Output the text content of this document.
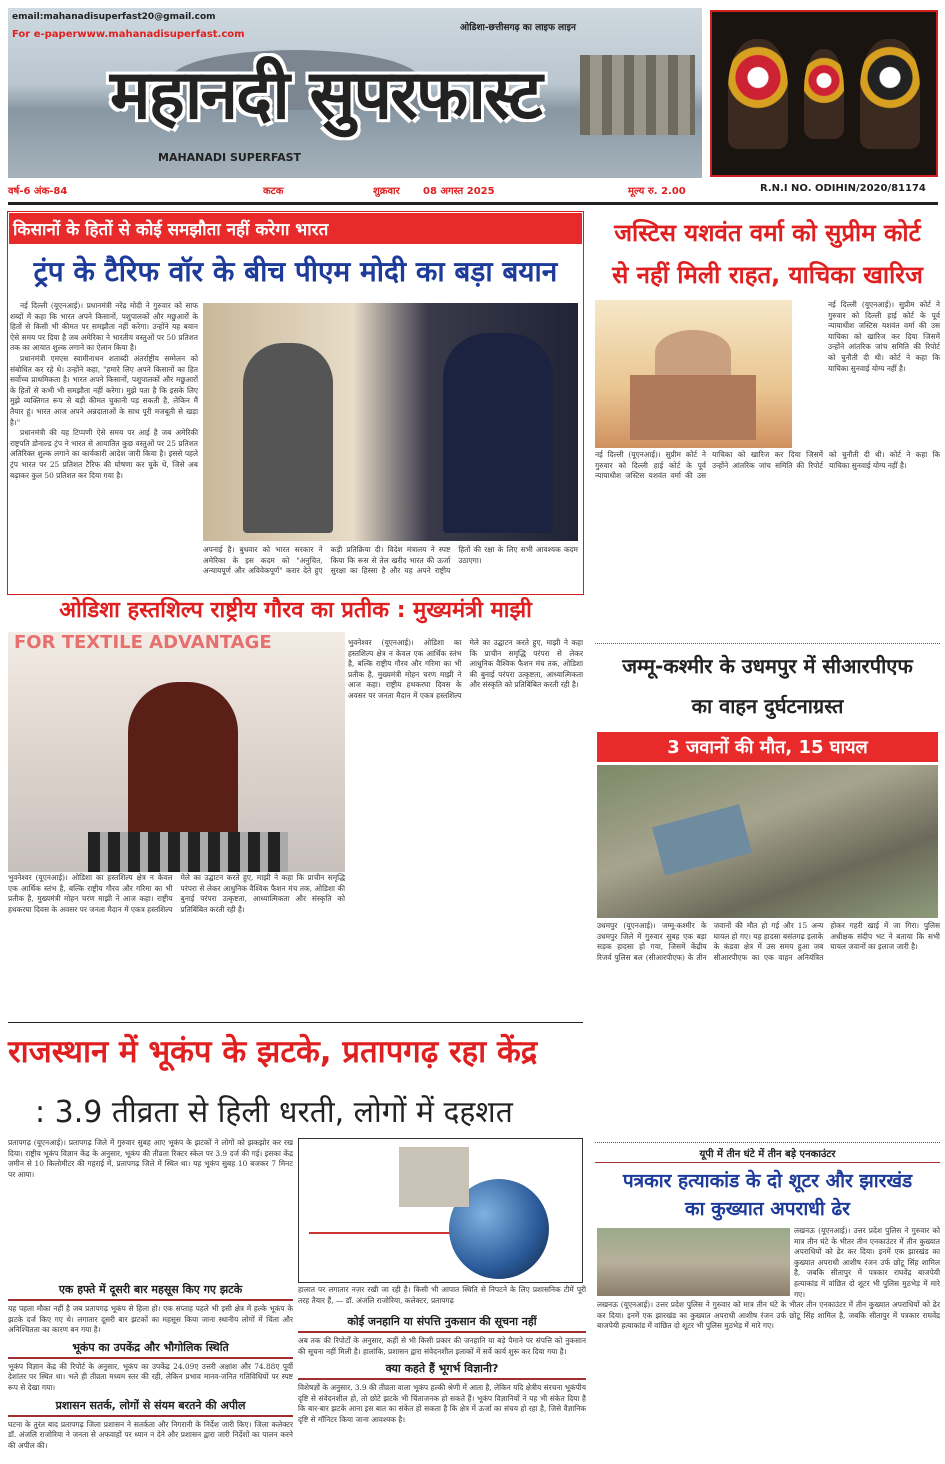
email:mahanadisuperfast20@gmail.com
For e-paperwww.mahanadisuperfast.com
ओडिशा-छत्तीसगढ़ का लाइफ लाइन
महानदी सुपरफास्ट
MAHANADI SUPERFAST
वर्ष-6 अंक-84	कटक	शुक्रवार 08 अगस्त 2025	मूल्य रु. 2.00	R.N.I NO. ODIHIN/2020/81174
किसानों के हितों से कोई समझौता नहीं करेगा भारत
ट्रंप के टैरिफ वॉर के बीच पीएम मोदी का बड़ा बयान

नई दिल्ली (यूएनआई)। प्रधानमंत्री नरेंद्र मोदी ने गुरुवार को साफ शब्दों में कहा कि भारत अपने किसानों, पशुपालकों और मछुआरों के हितों से किसी भी कीमत पर समझौता नहीं करेगा। उन्होंने यह बयान ऐसे समय पर दिया है जब अमेरिका ने भारतीय वस्तुओं पर 50 प्रतिशत तक का आयात शुल्क लगाने का ऐलान किया है।

प्रधानमंत्री एमएस स्वामीनाथन शताब्दी अंतर्राष्ट्रीय सम्मेलन को संबोधित कर रहे थे। उन्होंने कहा, "हमारे लिए अपने किसानों का हित सर्वोच्च प्राथमिकता है। भारत अपने किसानों, पशुपालकों और मछुआरों के हितों से कभी भी समझौता नहीं करेगा। मुझे पता है कि इसके लिए मुझे व्यक्तिगत रूप से बड़ी कीमत चुकानी पड़ सकती है, लेकिन मैं तैयार हूं। भारत आज अपने अन्नदाताओं के साथ पूरी मजबूती से खड़ा है।"

प्रधानमंत्री की यह टिप्पणी ऐसे समय पर आई है जब अमेरिकी राष्ट्रपति डोनाल्ड ट्रंप ने भारत से आयातित कुछ वस्तुओं पर 25 प्रतिशत अतिरिक्त शुल्क लगाने का कार्यकारी आदेश जारी किया है। इससे पहले ट्रंप भारत पर 25 प्रतिशत टैरिफ की घोषणा कर चुके थे, जिसे अब बढ़ाकर कुल 50 प्रतिशत कर दिया गया है।

अपनाई है। बुधवार को भारत सरकार ने अमेरिका के इस कदम को "अनुचित, अन्यायपूर्ण और अविवेकपूर्ण" करार देते हुए कड़ी प्रतिक्रिया दी। विदेश मंत्रालय ने स्पष्ट किया कि रूस से तेल खरीद भारत की ऊर्जा सुरक्षा का हिस्सा है और यह अपने राष्ट्रीय हितों की रक्षा के लिए सभी आवश्यक कदम उठाएगा।
जस्टिस यशवंत वर्मा को सुप्रीम कोर्ट
से नहीं मिली राहत, याचिका खारिज
नई दिल्ली (यूएनआई)। सुप्रीम कोर्ट ने गुरुवार को दिल्ली हाई कोर्ट के पूर्व न्यायाधीश जस्टिस यशवंत वर्मा की उस याचिका को खारिज कर दिया जिसमें उन्होंने आंतरिक जांच समिति की रिपोर्ट को चुनौती दी थी। कोर्ट ने कहा कि याचिका सुनवाई योग्य नहीं है।
नई दिल्ली (यूएनआई)। सुप्रीम कोर्ट ने गुरुवार को दिल्ली हाई कोर्ट के पूर्व न्यायाधीश जस्टिस यशवंत वर्मा की उस याचिका को खारिज कर दिया जिसमें उन्होंने आंतरिक जांच समिति की रिपोर्ट को चुनौती दी थी। कोर्ट ने कहा कि याचिका सुनवाई योग्य नहीं है।
ओडिशा हस्तशिल्प राष्ट्रीय गौरव का प्रतीक : मुख्यमंत्री माझी
FOR TEXTILE ADVANTAGE	भुवनेश्वर (यूएनआई)। ओडिशा का हस्तशिल्प क्षेत्र न केवल एक आर्थिक स्तंभ है, बल्कि राष्ट्रीय गौरव और गरिमा का भी प्रतीक है, मुख्यमंत्री मोहन चरण माझी ने आज कहा। राष्ट्रीय हथकरघा दिवस के अवसर पर जनता मैदान में एकत्र हस्तशिल्प मेले का उद्घाटन करते हुए, माझी ने कहा कि प्राचीन समृद्धि परंपरा से लेकर आधुनिक वैश्विक फैशन मंच तक, ओडिशा की बुनाई परंपरा उत्कृष्टता, आध्यात्मिकता और संस्कृति को प्रतिबिंबित करती रही है।
भुवनेश्वर (यूएनआई)। ओडिशा का हस्तशिल्प क्षेत्र न केवल एक आर्थिक स्तंभ है, बल्कि राष्ट्रीय गौरव और गरिमा का भी प्रतीक है, मुख्यमंत्री मोहन चरण माझी ने आज कहा। राष्ट्रीय हथकरघा दिवस के अवसर पर जनता मैदान में एकत्र हस्तशिल्प मेले का उद्घाटन करते हुए, माझी ने कहा कि प्राचीन समृद्धि परंपरा से लेकर आधुनिक वैश्विक फैशन मंच तक, ओडिशा की बुनाई परंपरा उत्कृष्टता, आध्यात्मिकता और संस्कृति को प्रतिबिंबित करती रही है।
जम्मू-कश्मीर के उधमपुर में सीआरपीएफ
का वाहन दुर्घटनाग्रस्त
3 जवानों की मौत, 15 घायल
उधमपुर (यूएनआई)। जम्मू-कश्मीर के उधमपुर जिले में गुरुवार सुबह एक बड़ा सड़क हादसा हो गया, जिसमें केंद्रीय रिजर्व पुलिस बल (सीआरपीएफ) के तीन जवानों की मौत हो गई और 15 अन्य घायल हो गए। यह हादसा बसंतगढ़ इलाके के कंडवा क्षेत्र में उस समय हुआ जब सीआरपीएफ का एक वाहन अनियंत्रित होकर गहरी खाई में जा गिरा। पुलिस अधीक्षक संदीप भट ने बताया कि सभी घायल जवानों का इलाज जारी है।
राजस्थान में भूकंप के झटके, प्रतापगढ़ रहा केंद्र
: 3.9 तीव्रता से हिली धरती, लोगों में दहशत
प्रतापगढ़ (यूएनआई)। प्रतापगढ़ जिले में गुरुवार सुबह आए भूकंप के झटकों ने लोगों को झकझोर कर रख दिया। राष्ट्रीय भूकंप विज्ञान केंद्र के अनुसार, भूकंप की तीव्रता रिक्टर स्केल पर 3.9 दर्ज की गई। इसका केंद्र जमीन से 10 किलोमीटर की गहराई में, प्रतापगढ़ जिले में स्थित था। यह भूकंप सुबह 10 बजकर 7 मिनट पर आया।
हालात पर लगातार नज़र रखी जा रही है। किसी भी आपात स्थिति से निपटने के लिए प्रशासनिक टीमें पूरी तरह तैयार हैं, — डॉ. अंजलि राजोरिया, कलेक्टर, प्रतापगढ़
एक हफ्ते में दूसरी बार महसूस किए गए झटके
यह पहला मौका नहीं है जब प्रतापगढ़ भूकंप से हिला हो। एक सप्ताह पहले भी इसी क्षेत्र में हल्के भूकंप के झटके दर्ज किए गए थे। लगातार दूसरी बार झटकों का महसूस किया जाना स्थानीय लोगों में चिंता और अनिश्चितता का कारण बन गया है।
भूकंप का उपकेंद्र और भौगोलिक स्थिति
भूकंप विज्ञान केंद्र की रिपोर्ट के अनुसार, भूकंप का उपकेंद्र 24.09ए उत्तरी अक्षांश और 74.88ए पूर्वी देशांतर पर स्थित था। भले ही तीव्रता मध्यम स्तर की रही, लेकिन प्रभाव मानव-जनित गतिविधियों पर स्पष्ट रूप से देखा गया।
प्रशासन सतर्क, लोगों से संयम बरतने की अपील
घटना के तुरंत बाद प्रतापगढ़ जिला प्रशासन ने सतर्कता और निगरानी के निर्देश जारी किए। जिला कलेक्टर डॉ. अंजलि राजोरिया ने जनता से अफवाहों पर ध्यान न देने और प्रशासन द्वारा जारी निर्देशों का पालन करने की अपील की।
कोई जनहानि या संपत्ति नुकसान की सूचना नहीं
अब तक की रिपोर्टों के अनुसार, कहीं से भी किसी प्रकार की जनहानि या बड़े पैमाने पर संपत्ति को नुकसान की सूचना नहीं मिली है। हालांकि, प्रशासन द्वारा संवेदनशील इलाकों में सर्वे कार्य शुरू कर दिया गया है।
क्या कहते हैं भूगर्भ विज्ञानी?
विशेषज्ञों के अनुसार, 3.9 की तीव्रता वाला भूकंप हल्की श्रेणी में आता है, लेकिन यदि क्षेत्रीय संरचना भूकंपीय दृष्टि से संवेदनशील हो, तो छोटे झटके भी चिंताजनक हो सकते हैं। भूकंप विज्ञानियों ने यह भी संकेत दिया है कि बार-बार झटके आना इस बात का संकेत हो सकता है कि क्षेत्र में ऊर्जा का संचय हो रहा है, जिसे वैज्ञानिक दृष्टि से मॉनिटर किया जाना आवश्यक है।
यूपी में तीन घंटे में तीन बड़े एनकाउंटर
पत्रकार हत्याकांड के दो शूटर और झारखंड
का कुख्यात अपराधी ढेर
लखनऊ (यूएनआई)। उत्तर प्रदेश पुलिस ने गुरुवार को मात्र तीन घंटे के भीतर तीन एनकाउंटर में तीन कुख्यात अपराधियों को ढेर कर दिया। इनमें एक झारखंड का कुख्यात अपराधी आशीष रंजन उर्फ छोटू सिंह शामिल है, जबकि सीतापुर में पत्रकार राघवेंद्र बाजपेयी हत्याकांड में वांछित दो शूटर भी पुलिस मुठभेड़ में मारे गए।
लखनऊ (यूएनआई)। उत्तर प्रदेश पुलिस ने गुरुवार को मात्र तीन घंटे के भीतर तीन एनकाउंटर में तीन कुख्यात अपराधियों को ढेर कर दिया। इनमें एक झारखंड का कुख्यात अपराधी आशीष रंजन उर्फ छोटू सिंह शामिल है, जबकि सीतापुर में पत्रकार राघवेंद्र बाजपेयी हत्याकांड में वांछित दो शूटर भी पुलिस मुठभेड़ में मारे गए।
